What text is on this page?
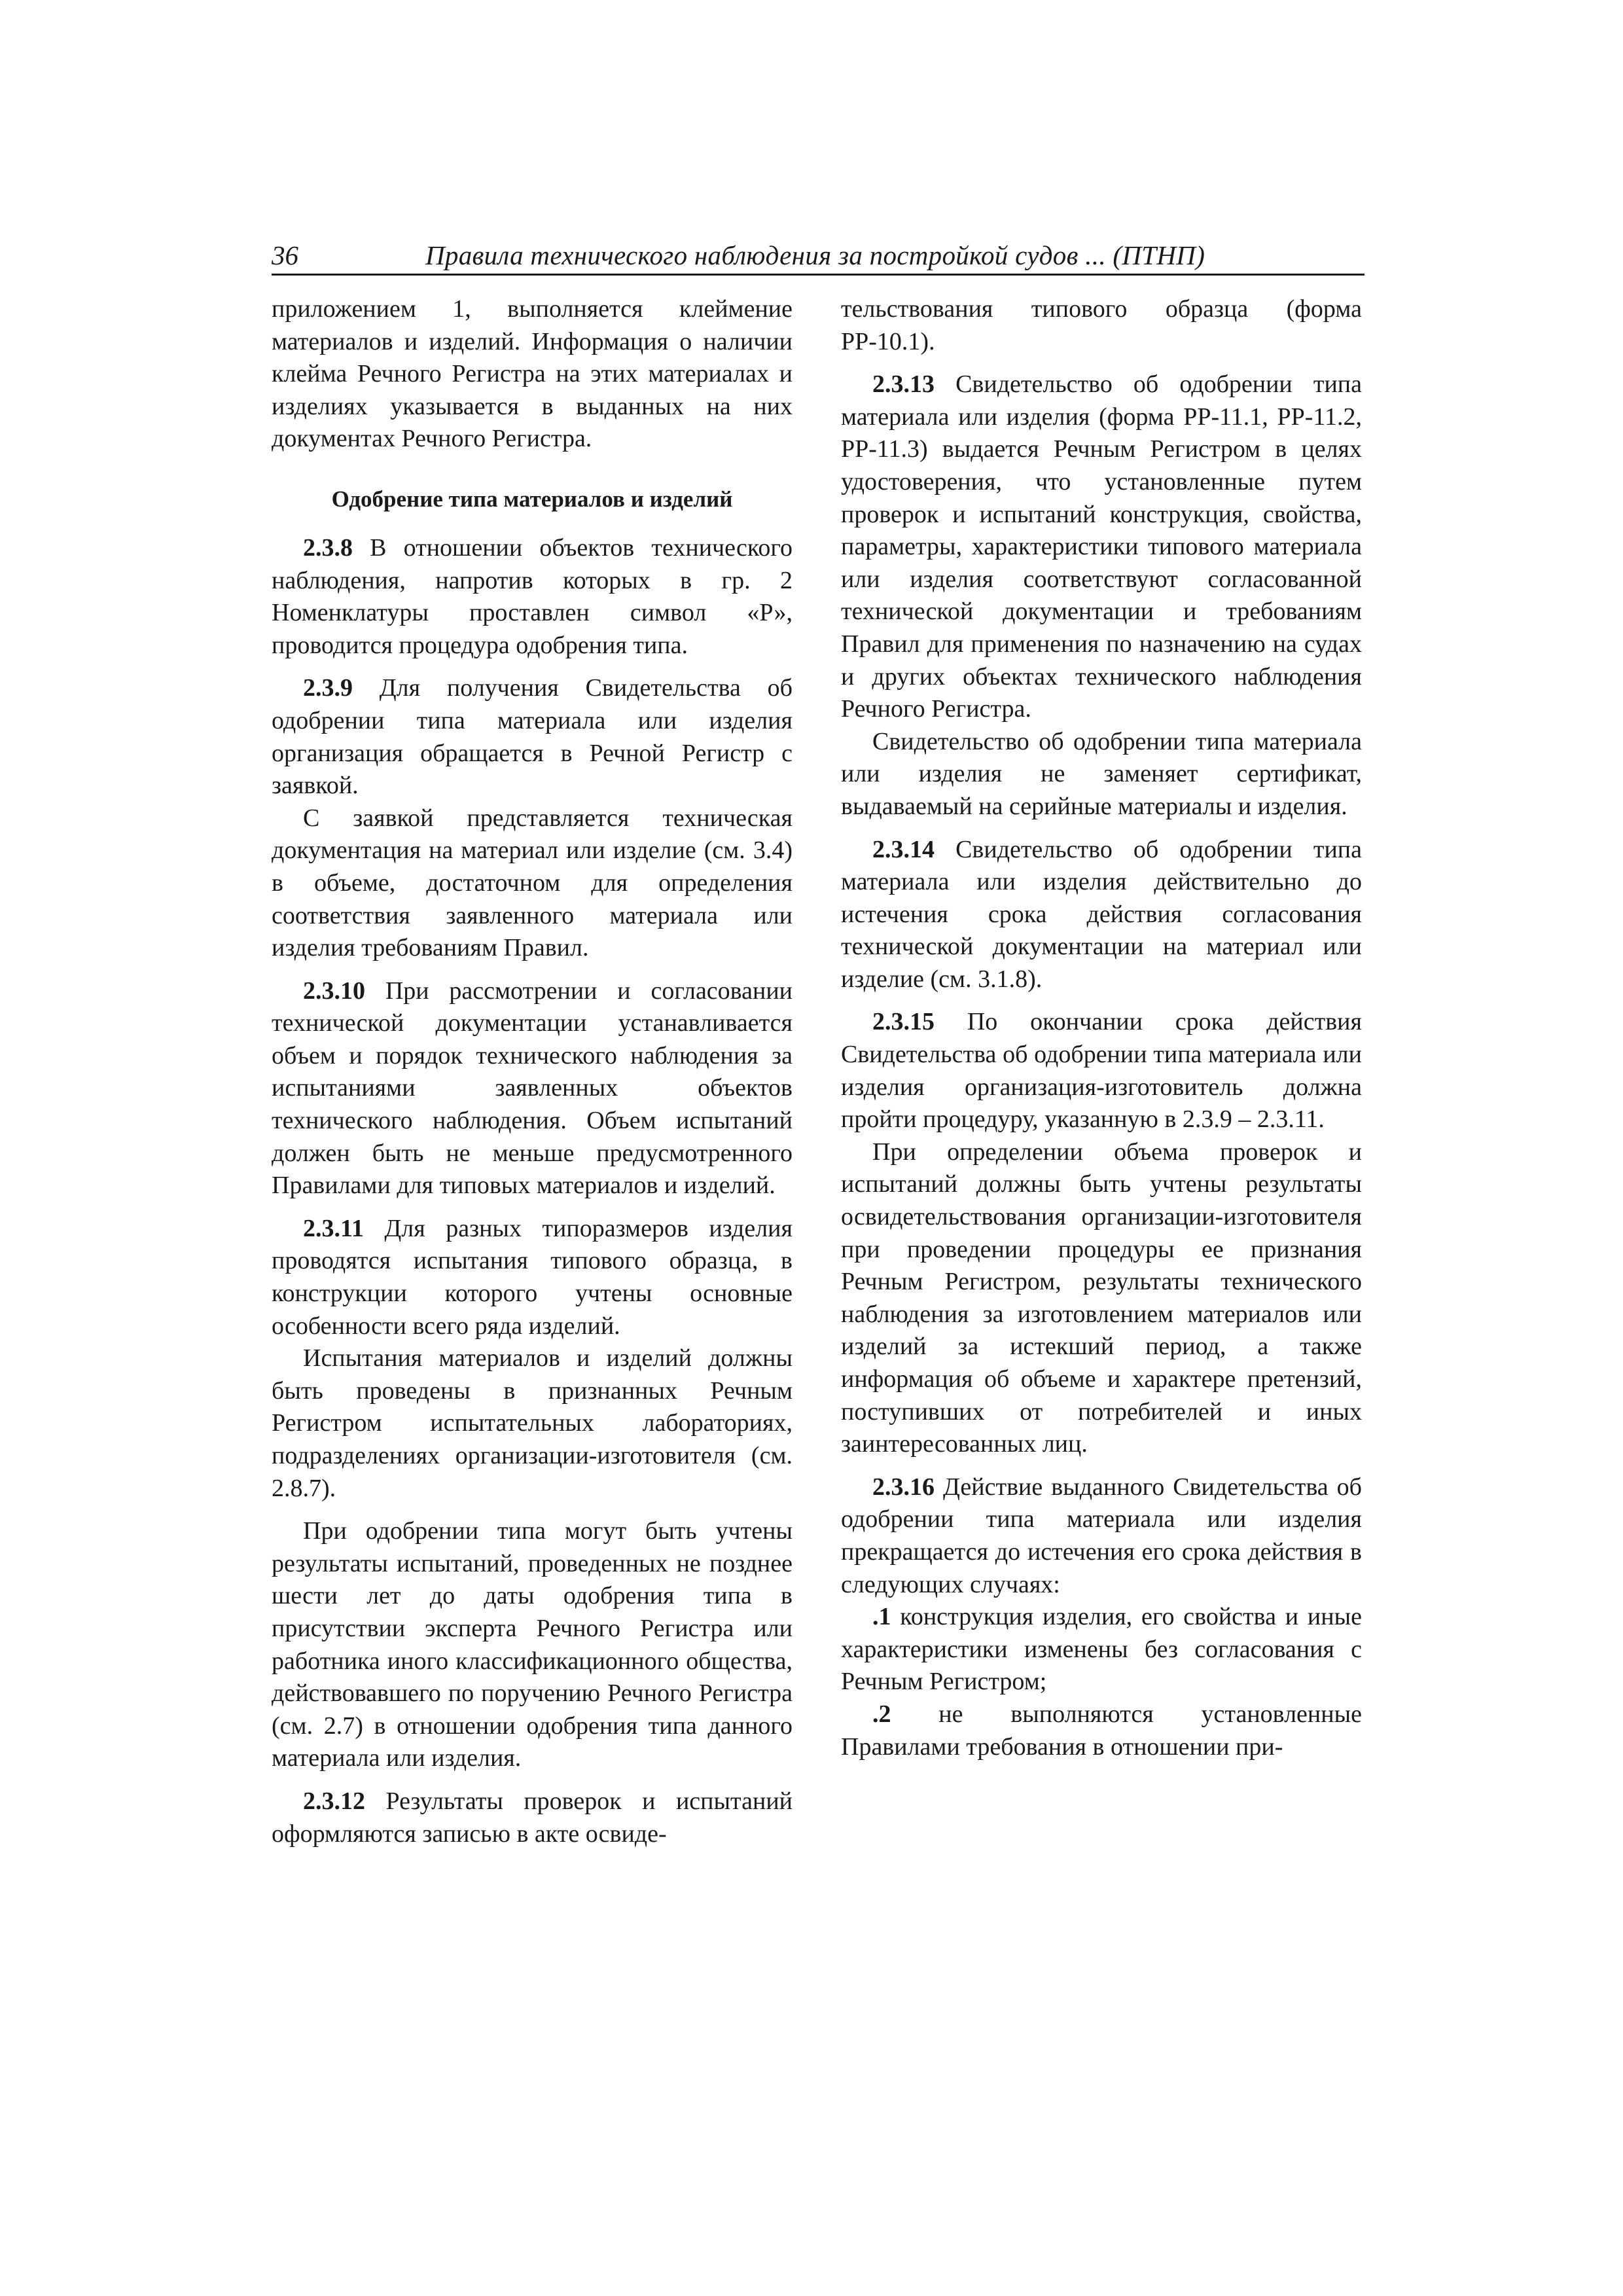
36	Правила технического наблюдения за постройкой судов ... (ПТНП)

приложением 1, выполняется клеймение материалов и изделий. Информация о наличии клейма Речного Регистра на этих материалах и изделиях указывается в выданных на них документах Речного Регистра.

Одобрение типа материалов и изделий

2.3.8 В отношении объектов технического наблюдения, напротив которых в гр. 2 Номенклатуры проставлен символ «Р», проводится процедура одобрения типа.

2.3.9 Для получения Свидетельства об одобрении типа материала или изделия организация обращается в Речной Регистр с заявкой.

С заявкой представляется техническая документация на материал или изделие (см. 3.4) в объеме, достаточном для определения соответствия заявленного материала или изделия требованиям Правил.

2.3.10 При рассмотрении и согласовании технической документации устанавливается объем и порядок технического наблюдения за испытаниями заявленных объектов технического наблюдения. Объем испытаний должен быть не меньше предусмотренного Правилами для типовых материалов и изделий.

2.3.11 Для разных типоразмеров изделия проводятся испытания типового образца, в конструкции которого учтены основные особенности всего ряда изделий.

Испытания материалов и изделий должны быть проведены в признанных Речным Регистром испытательных лабораториях, подразделениях организации-изготовителя (см. 2.8.7).

При одобрении типа могут быть учтены результаты испытаний, проведенных не позднее шести лет до даты одобрения типа в присутствии эксперта Речного Регистра или работника иного классификационного общества, действовавшего по поручению Речного Регистра (см. 2.7) в отношении одобрения типа данного материала или изделия.

2.3.12 Результаты проверок и испытаний оформляются записью в акте освиде-

тельствования типового образца (форма РР-10.1).

2.3.13 Свидетельство об одобрении типа материала или изделия (форма РР-11.1, РР-11.2, РР-11.3) выдается Речным Регистром в целях удостоверения, что установленные путем проверок и испытаний конструкция, свойства, параметры, характеристики типового материала или изделия соответствуют согласованной технической документации и требованиям Правил для применения по назначению на судах и других объектах технического наблюдения Речного Регистра.

Свидетельство об одобрении типа материала или изделия не заменяет сертификат, выдаваемый на серийные материалы и изделия.

2.3.14 Свидетельство об одобрении типа материала или изделия действительно до истечения срока действия согласования технической документации на материал или изделие (см. 3.1.8).

2.3.15 По окончании срока действия Свидетельства об одобрении типа материала или изделия организация-изготовитель должна пройти процедуру, указанную в 2.3.9 – 2.3.11.

При определении объема проверок и испытаний должны быть учтены результаты освидетельствования организации-изготовителя при проведении процедуры ее признания Речным Регистром, результаты технического наблюдения за изготовлением материалов или изделий за истекший период, а также информация об объеме и характере претензий, поступивших от потребителей и иных заинтересованных лиц.

2.3.16 Действие выданного Свидетельства об одобрении типа материала или изделия прекращается до истечения его срока действия в следующих случаях:

.1 конструкция изделия, его свойства и иные характеристики изменены без согласования с Речным Регистром;

.2 не выполняются установленные Правилами требования в отношении при-
